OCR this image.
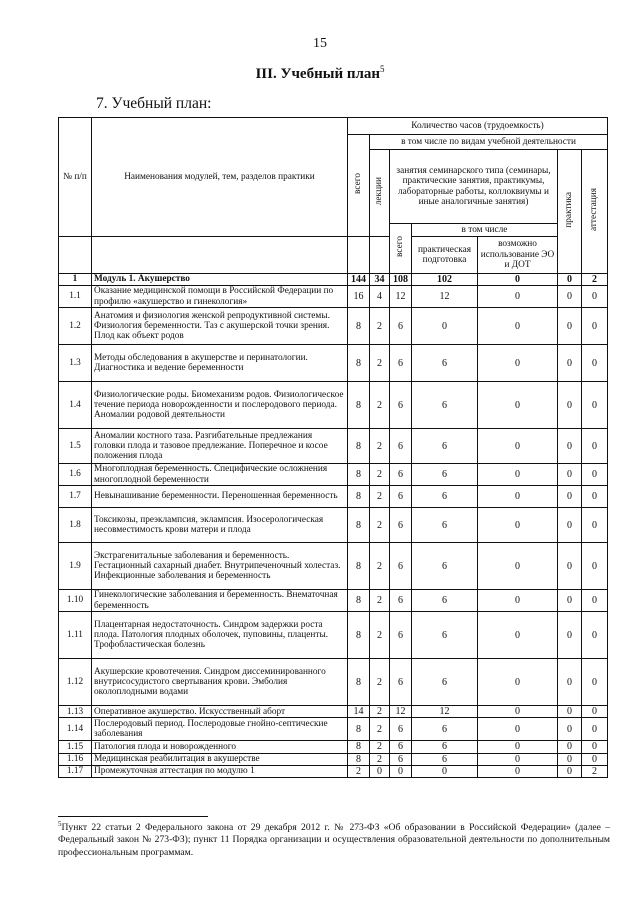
15
III. Учебный план$^5$
7. Учебный план:
№ п/п	Наименования модулей, тем, разделов практики	Количество часов (трудоемкость)						
		всего	в том числе по видам учебной деятельности					
			лекции	занятия семинарского типа (семинары, практические занятия, практикумы, лабораторные работы, коллоквиумы и иные аналогичные занятия)			практика	аттестация
				всего	в том числе			
					практическая подготовка	возможно использование ЭО и ДОТ		
1	Модуль 1. Акушерство	144	34	108	102	0	0	2
1.1	Оказание медицинской помощи в Российской Федерации по профилю «акушерство и гинекология»	16	4	12	12	0	0	0
1.2	Анатомия и физиология женской репродуктивной системы. Физиология беременности. Таз с акушерской точки зрения. Плод как объект родов	8	2	6	0	0	0	0
1.3	Методы обследования в акушерстве и перинатологии. Диагностика и ведение беременности	8	2	6	6	0	0	0
1.4	Физиологические роды. Биомеханизм родов. Физиологическое течение периода новорожденности и послеродового периода. Аномалии родовой деятельности	8	2	6	6	0	0	0
1.5	Аномалии костного таза. Разгибательные предлежания головки плода и тазовое предлежание. Поперечное и косое положения плода	8	2	6	6	0	0	0
1.6	Многоплодная беременность. Специфические осложнения многоплодной беременности	8	2	6	6	0	0	0
1.7	Невынашивание беременности. Переношенная беременность	8	2	6	6	0	0	0
1.8	Токсикозы, преэклампсия, эклампсия. Изосерологическая несовместимость крови матери и плода	8	2	6	6	0	0	0
1.9	Экстрагенитальные заболевания и беременность. Гестационный сахарный диабет. Внутрипеченочный холестаз. Инфекционные заболевания и беременность	8	2	6	6	0	0	0
1.10	Гинекологические заболевания и беременность. Внематочная беременность	8	2	6	6	0	0	0
1.11	Плацентарная недостаточность. Синдром задержки роста плода. Патология плодных оболочек, пуповины, плаценты. Трофобластическая болезнь	8	2	6	6	0	0	0
1.12	Акушерские кровотечения. Синдром диссеминированного внутрисосудистого свертывания крови. Эмболия околоплодными водами	8	2	6	6	0	0	0
1.13	Оперативное акушерство. Искусственный аборт	14	2	12	12	0	0	0
1.14	Послеродовый период. Послеродовые гнойно-септические заболевания	8	2	6	6	0	0	0
1.15	Патология плода и новорожденного	8	2	6	6	0	0	0
1.16	Медицинская реабилитация в акушерстве	8	2	6	6	0	0	0
1.17	Промежуточная аттестация по модулю 1	2	0	0	0	0	0	2
$^5$Пункт 22 статьи 2 Федерального закона от 29 декабря 2012 г. № 273-ФЗ «Об образовании в Российской Федерации» (далее – Федеральный закон № 273-ФЗ); пункт 11 Порядка организации и осуществления образовательной деятельности по дополнительным профессиональным программам.
